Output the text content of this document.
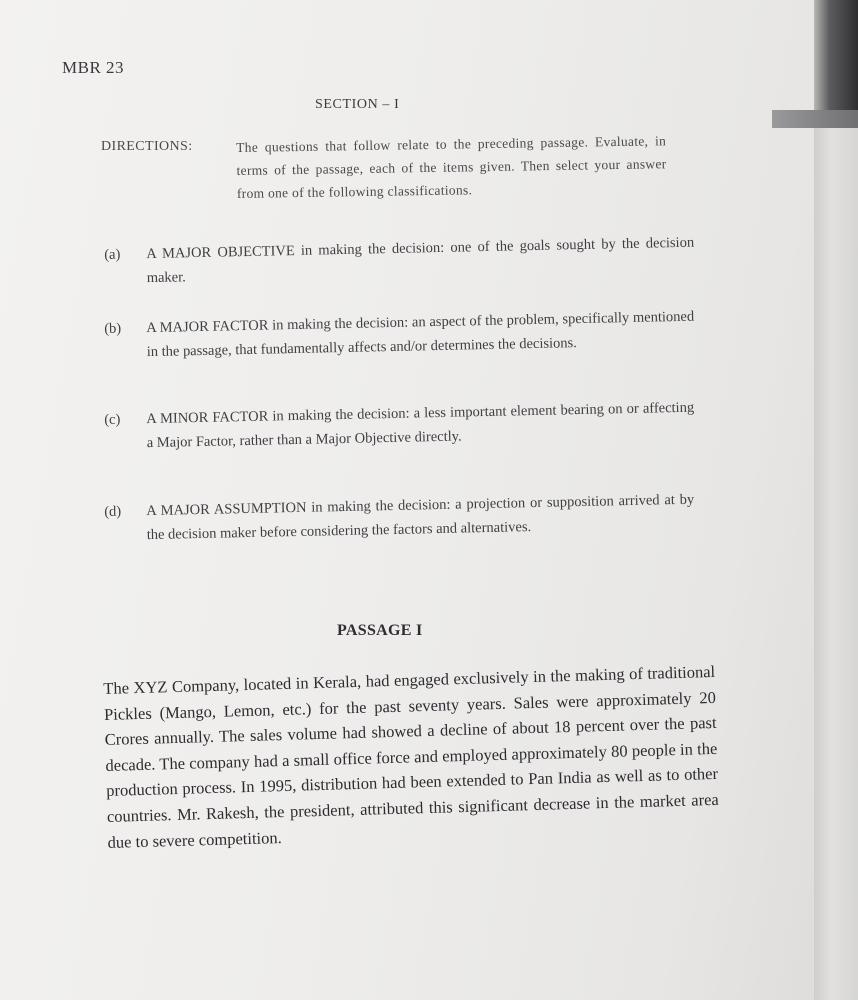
MBR 23
SECTION – I
DIRECTIONS:	The questions that follow relate to the preceding passage. Evaluate, in terms of the passage, each of the items given. Then select your answer from one of the following classifications.
(a)	A MAJOR OBJECTIVE in making the decision: one of the goals sought by the decision maker.
(b)	A MAJOR FACTOR in making the decision: an aspect of the problem, specifically mentioned in the passage, that fundamentally affects and/or determines the decisions.
(c)	A MINOR FACTOR in making the decision: a less important element bearing on or affecting a Major Factor, rather than a Major Objective directly.
(d)	A MAJOR ASSUMPTION in making the decision: a projection or supposition arrived at by the decision maker before considering the factors and alternatives.
PASSAGE I
The XYZ Company, located in Kerala, had engaged exclusively in the making of traditional Pickles (Mango, Lemon, etc.) for the past seventy years. Sales were approximately 20 Crores annually. The sales volume had showed a decline of about 18 percent over the past decade. The company had a small office force and employed approximately 80 people in the production process. In 1995, distribution had been extended to Pan India as well as to other countries. Mr. Rakesh, the president, attributed this significant decrease in the market area due to severe competition.
